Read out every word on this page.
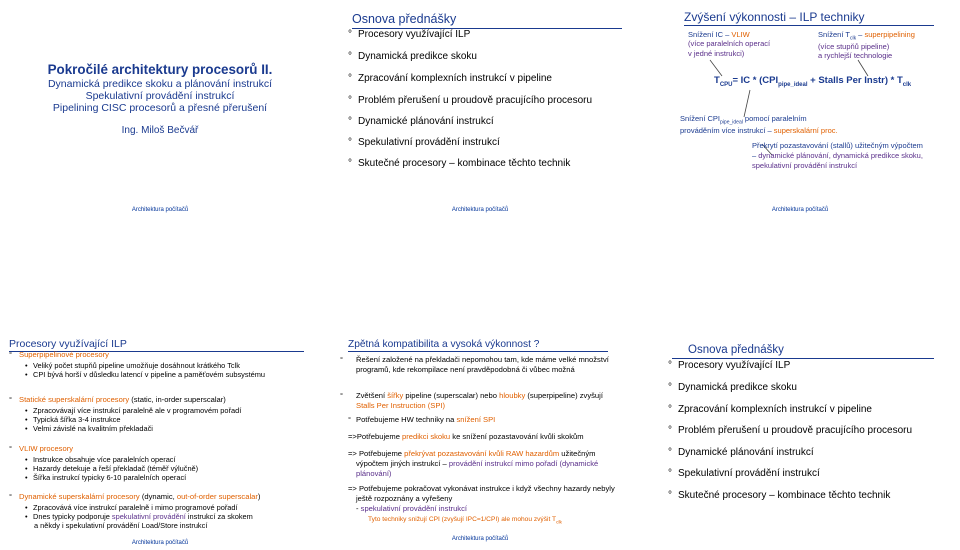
Pokročilé architektury procesorů II.
Dynamická predikce skoku a plánování instrukcí
Spekulativní provádění instrukcí
Pipelining CISC procesorů a přesné přerušení
Ing. Miloš Bečvář
Architektura počítačů
Osnova přednášky
° Procesory využívající ILP
° Dynamická predikce skoku
° Zpracování komplexních instrukcí v pipeline
° Problém přerušení u proudově pracujícího procesoru
° Dynamické plánování instrukcí
° Spekulativní provádění instrukcí
° Skutečné procesory – kombinace těchto technik
Architektura počítačů
Zvýšení výkonnosti – ILP techniky
Snížení IC – VLIW
(více paralelních operací
v jedné instrukci)
Snížení $T_{clk}$ – superpipelining
(více stupňů pipeline)
a rychlejší technologie
$T_{CPU}=$ IC * ($CPI_{pipe\_ideal}$ + Stalls Per Instr) * $T_{clk}$
Snížení $CPI_{pipe\_ideal}$ pomocí paralelním
prováděním více instrukcí – superskalární proc.
Překrytí pozastavování (stallů) užitečným výpočtem
– dynamické plánování, dynamická predikce skoku,
spekulativní provádění instrukcí
Architektura počítačů
Procesory využívající ILP
° Superpipelinové procesory
• Veliký počet stupňů pipeline umožňuje dosáhnout krátkého Tclk
• CPI bývá horší v důsledku latencí v pipeline a paměťovém subsystému
° Statické superskalární procesory (static, in-order superscalar)
• Zpracovávají více instrukcí paralelně ale v programovém pořadí
• Typická šířka 3-4 instrukce
• Velmi závislé na kvalitním překladači
° VLIW procesory
• Instrukce obsahuje více paralelních operací
• Hazardy detekuje a řeší překladač (téměř výlučně)
• Šířka instrukcí typicky 6-10 paralelních operací
° Dynamické superskalární procesory (dynamic, out-of-order superscalar)
• Zpracovává více instrukcí paralelně i mimo programové pořadí
• Dnes typicky podporuje spekulativní provádění instrukcí za skokem
a někdy i spekulativní provádění Load/Store instrukcí
Architektura počítačů
Zpětná kompatibilita a vysoká výkonnost ?
° Řešení založené na překladači nepomohou tam, kde máme velké množství programů, kde rekompilace není pravděpodobná či vůbec možná
° Zvětšení šířky pipeline (superscalar) nebo hloubky (superpipeline) zvyšují Stalls Per Instruction (SPI)
° Potřebujeme HW techniky na snížení SPI
=>Potřebujeme predikci skoku ke snížení pozastavování kvůli skokům
=> Potřebujeme překrývat pozastavování kvůli RAW hazardům užitečným výpočtem jiných instrukcí – provádění instrukcí mimo pořadí (dynamické plánování)
=> Potřebujeme pokračovat vykonávat instrukce i když všechny hazardy nebyly ještě rozpoznány a vyřešeny
- spekulativní provádění instrukcí
Tyto techniky snižují CPI (zvyšují IPC=1/CPI) ale mohou zvýšit $T_{clk}$
Architektura počítačů
Osnova přednášky
° Procesory využívající ILP
° Dynamická predikce skoku
° Zpracování komplexních instrukcí v pipeline
° Problém přerušení u proudově pracujícího procesoru
° Dynamické plánování instrukcí
° Spekulativní provádění instrukcí
° Skutečné procesory – kombinace těchto technik
